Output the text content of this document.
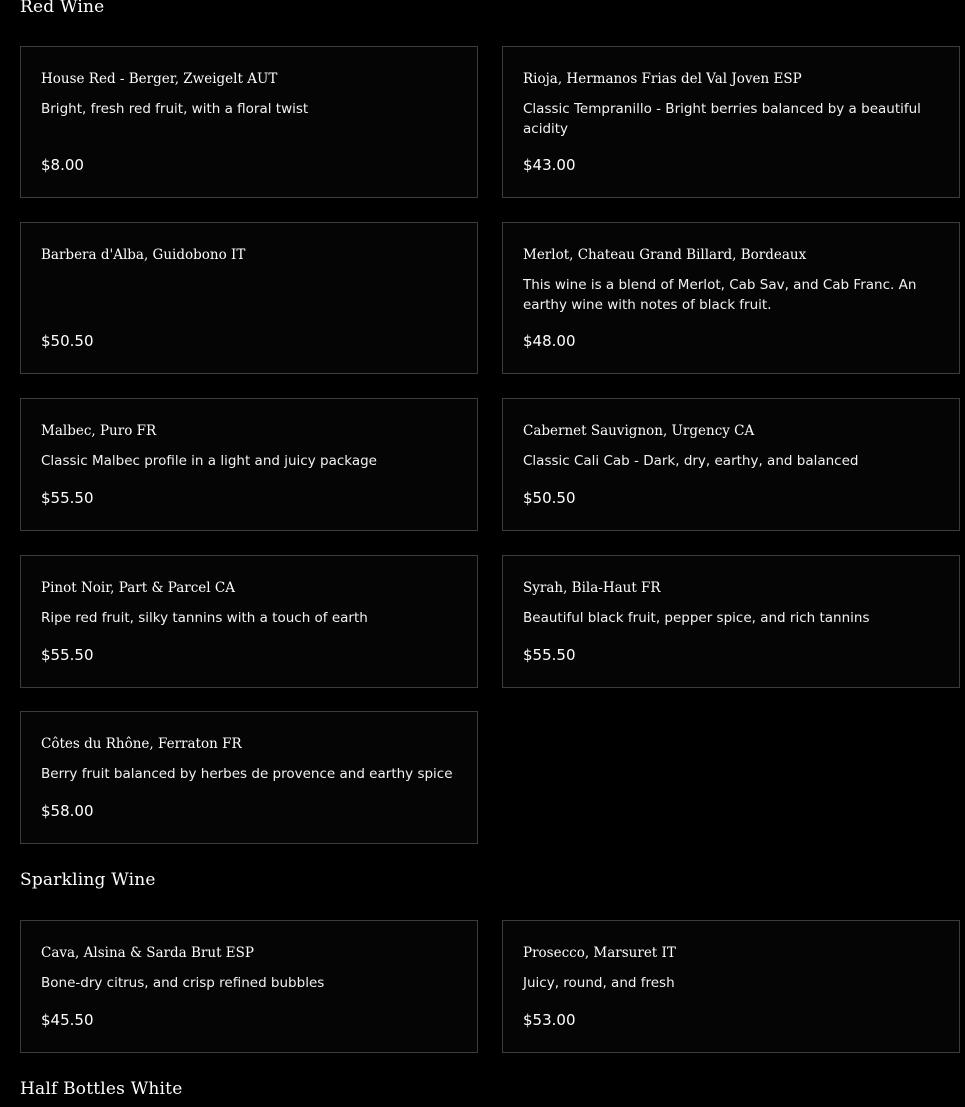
Red Wine
House Red - Berger, Zweigelt AUT
Bright, fresh red fruit, with a floral twist
$8.00
Rioja, Hermanos Frias del Val Joven ESP
Classic Tempranillo - Bright berries balanced by a beautiful acidity
$43.00
Barbera d'Alba, Guidobono IT
$50.50
Merlot, Chateau Grand Billard, Bordeaux
This wine is a blend of Merlot, Cab Sav, and Cab Franc. An earthy wine with notes of black fruit.
$48.00
Malbec, Puro FR
Classic Malbec profile in a light and juicy package
$55.50
Cabernet Sauvignon, Urgency CA
Classic Cali Cab - Dark, dry, earthy, and balanced
$50.50
Pinot Noir, Part & Parcel CA
Ripe red fruit, silky tannins with a touch of earth
$55.50
Syrah, Bila-Haut FR
Beautiful black fruit, pepper spice, and rich tannins
$55.50
Côtes du Rhône, Ferraton FR
Berry fruit balanced by herbes de provence and earthy spice
$58.00
Sparkling Wine
Cava, Alsina & Sarda Brut ESP
Bone-dry citrus, and crisp refined bubbles
$45.50
Prosecco, Marsuret IT
Juicy, round, and fresh
$53.00
Half Bottles White
